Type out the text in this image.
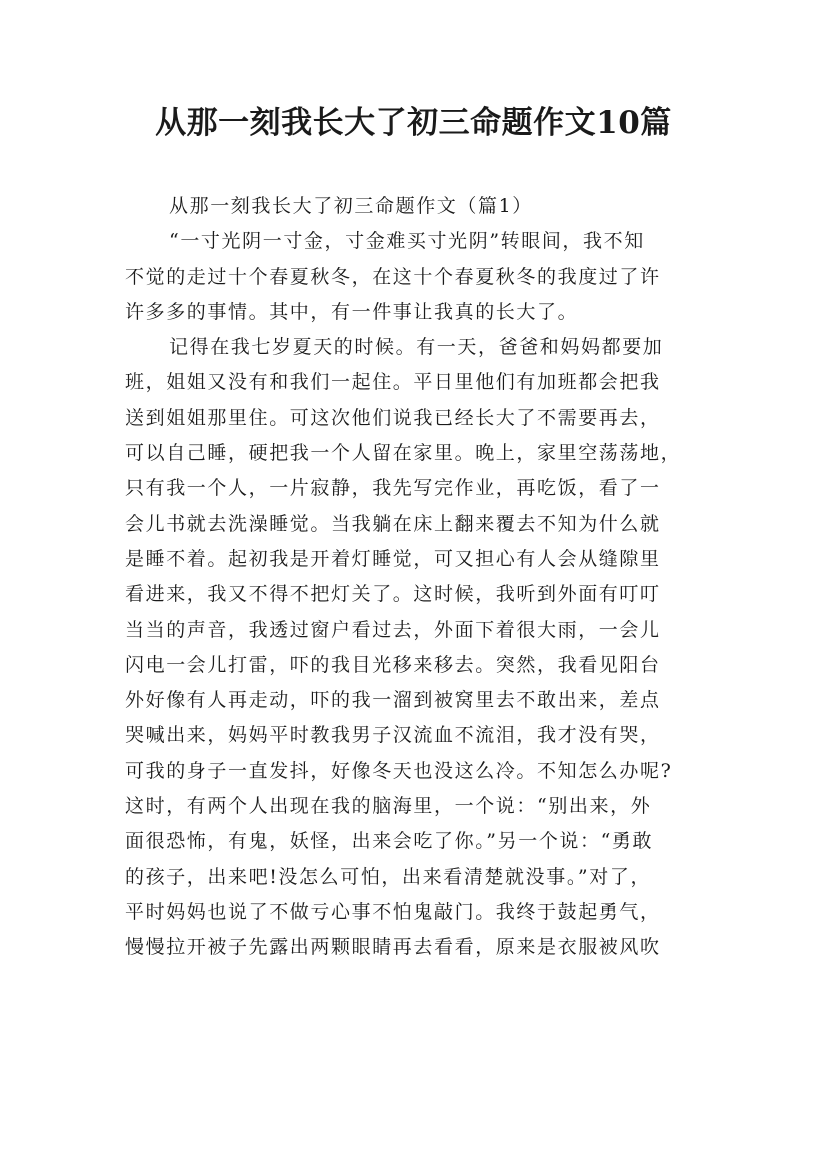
从那一刻我长大了初三命题作文10篇
从那一刻我长大了初三命题作文（篇1）
“一寸光阴一寸金，寸金难买寸光阴”转眼间，我不知
不觉的走过十个春夏秋冬，在这十个春夏秋冬的我度过了许
许多多的事情。其中，有一件事让我真的长大了。
记得在我七岁夏天的时候。有一天，爸爸和妈妈都要加
班，姐姐又没有和我们一起住。平日里他们有加班都会把我
送到姐姐那里住。可这次他们说我已经长大了不需要再去，
可以自己睡，硬把我一个人留在家里。晚上，家里空荡荡地，
只有我一个人，一片寂静，我先写完作业，再吃饭，看了一
会儿书就去洗澡睡觉。当我躺在床上翻来覆去不知为什么就
是睡不着。起初我是开着灯睡觉，可又担心有人会从缝隙里
看进来，我又不得不把灯关了。这时候，我听到外面有叮叮
当当的声音，我透过窗户看过去，外面下着很大雨，一会儿
闪电一会儿打雷，吓的我目光移来移去。突然，我看见阳台
外好像有人再走动，吓的我一溜到被窝里去不敢出来，差点
哭喊出来，妈妈平时教我男子汉流血不流泪，我才没有哭，
可我的身子一直发抖，好像冬天也没这么冷。不知怎么办呢?
这时，有两个人出现在我的脑海里，一个说：“别出来，外
面很恐怖，有鬼，妖怪，出来会吃了你。”另一个说：“勇敢
的孩子，出来吧!没怎么可怕，出来看清楚就没事。”对了，
平时妈妈也说了不做亏心事不怕鬼敲门。我终于鼓起勇气，
慢慢拉开被子先露出两颗眼睛再去看看，原来是衣服被风吹
